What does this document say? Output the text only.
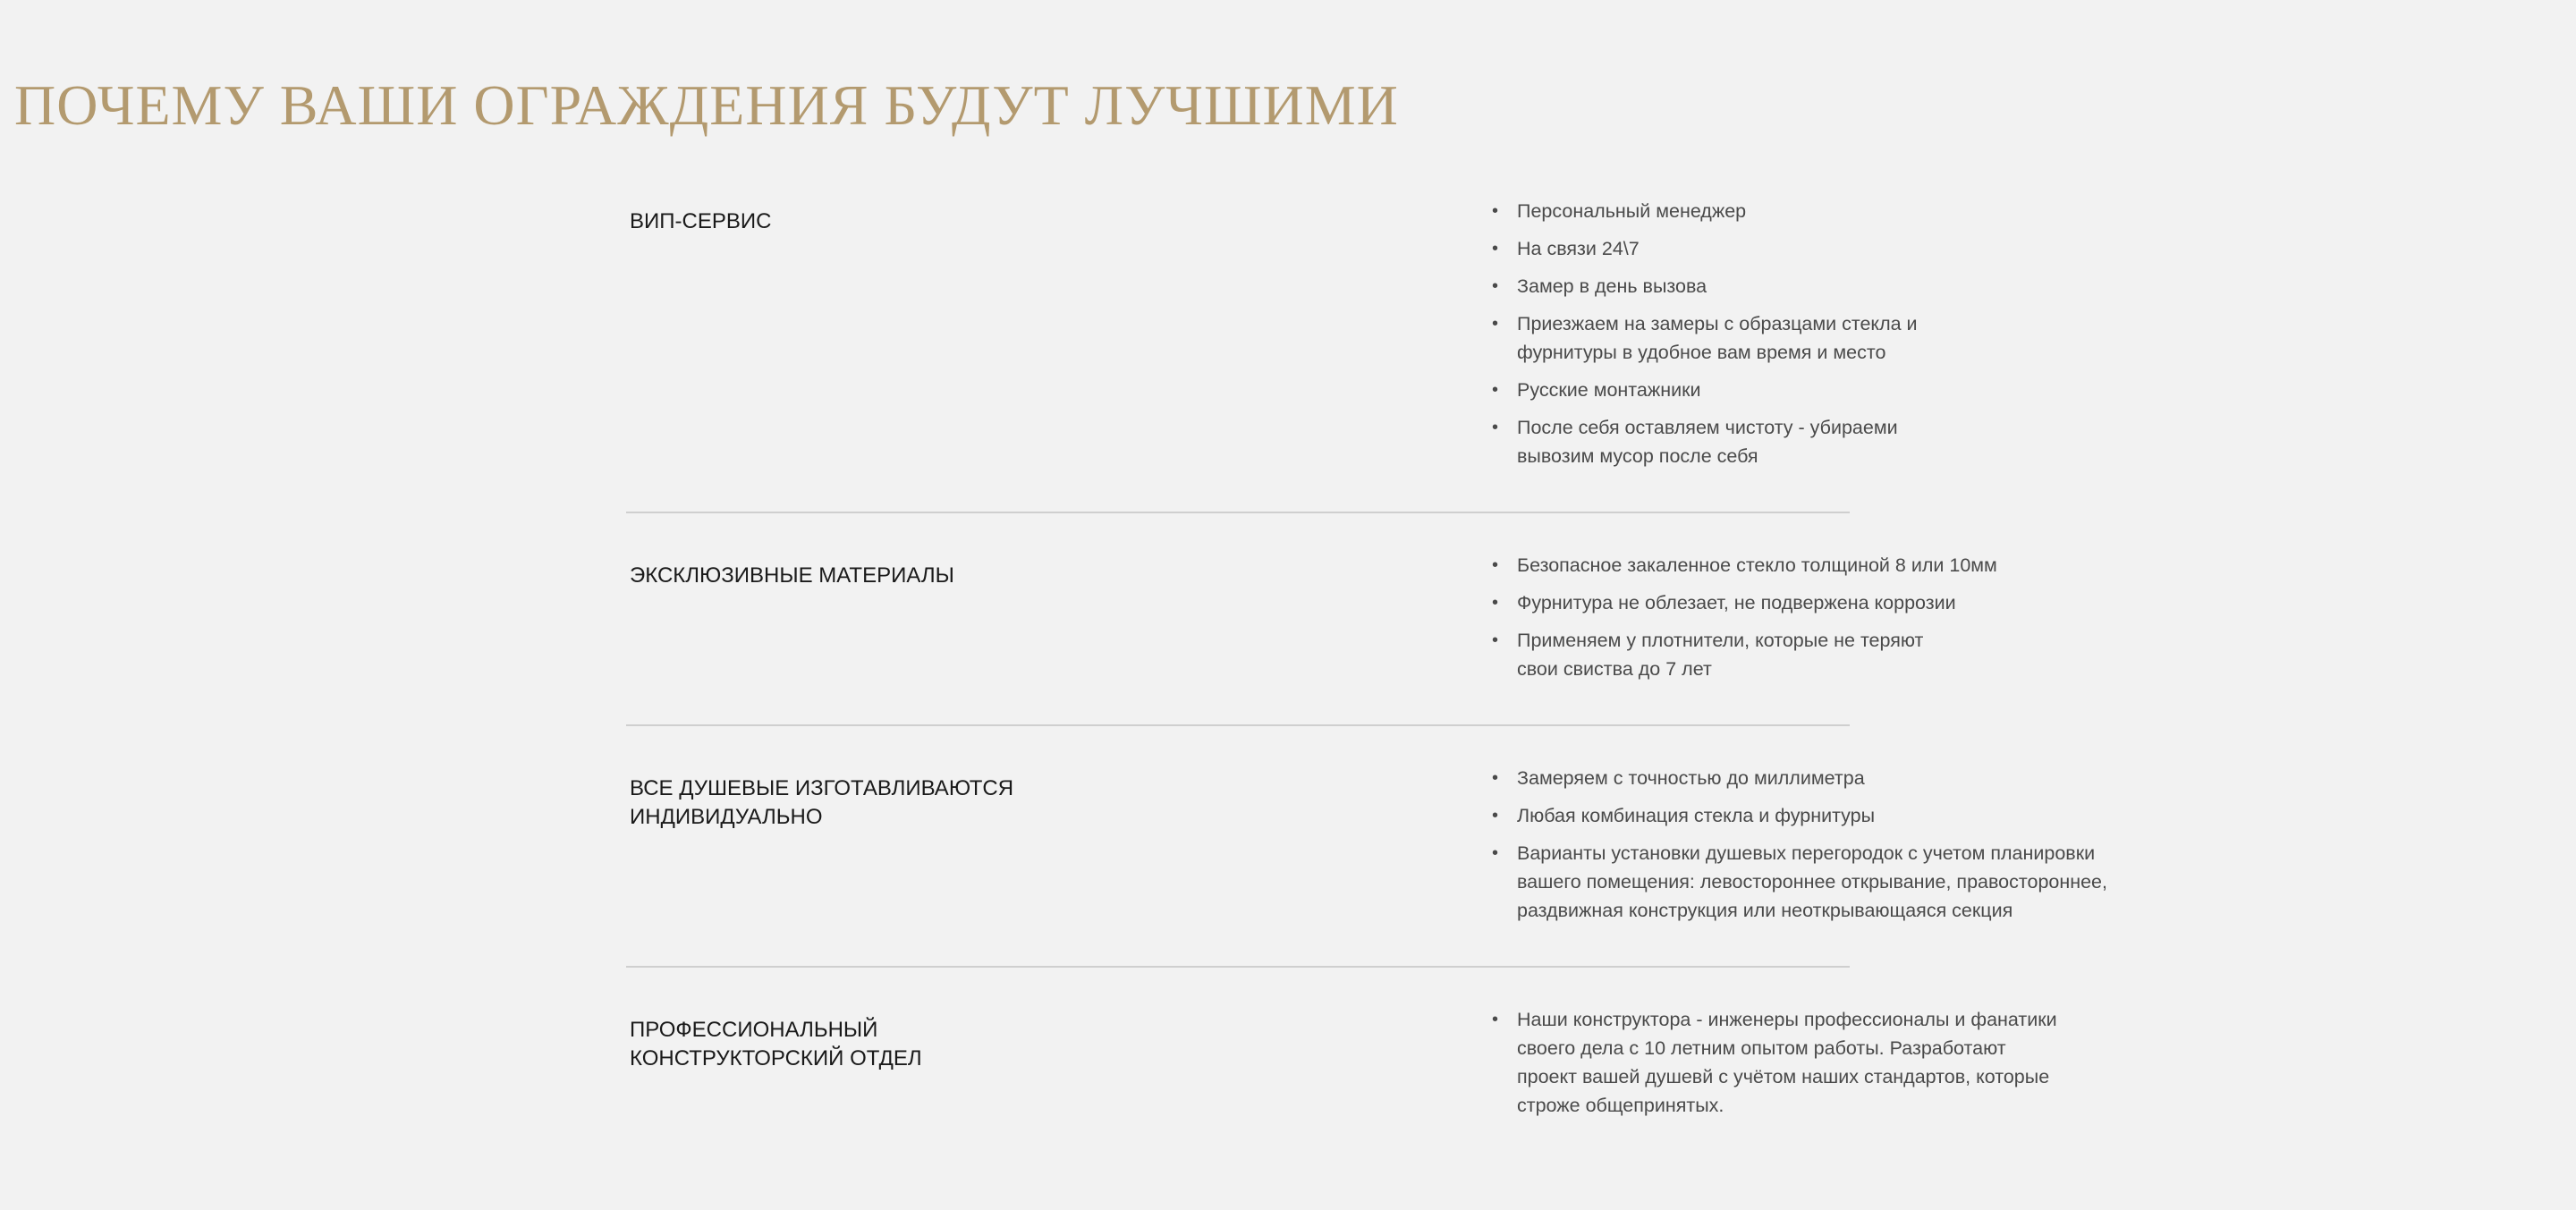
ПОЧЕМУ ВАШИ ОГРАЖДЕНИЯ БУДУТ ЛУЧШИМИ
ВИП-СЕРВИС	• Персональный менеджер
• На связи 24\7
• Замер в день вызова
• Приезжаем на замеры с образцами стекла и
фурнитуры в удобное вам время и место
• Русские монтажники
• После себя оставляем чистоту - убираеми
вывозим мусор после себя
ЭКСКЛЮЗИВНЫЕ МАТЕРИАЛЫ	• Безопасное закаленное стекло толщиной 8 или 10мм
• Фурнитура не облезает, не подвержена коррозии
• Применяем у плотнители, которые не теряют
свои свиства до 7 лет
ВСЕ ДУШЕВЫЕ ИЗГОТАВЛИВАЮТСЯ
ИНДИВИДУАЛЬНО
• Замеряем с точностью до миллиметра
• Любая комбинация стекла и фурнитуры
• Варианты установки душевых перегородок с учетом планировки
вашего помещения: левостороннее открывание, правостороннее,
раздвижная конструкция или неоткрывающаяся секция
ПРОФЕССИОНАЛЬНЫЙ
КОНСТРУКТОРСКИЙ ОТДЕЛ
• Наши конструктора - инженеры профессионалы и фанатики
своего дела с 10 летним опытом работы. Разработают
проект вашей душевй с учётом наших стандартов, которые
строже общепринятых.
